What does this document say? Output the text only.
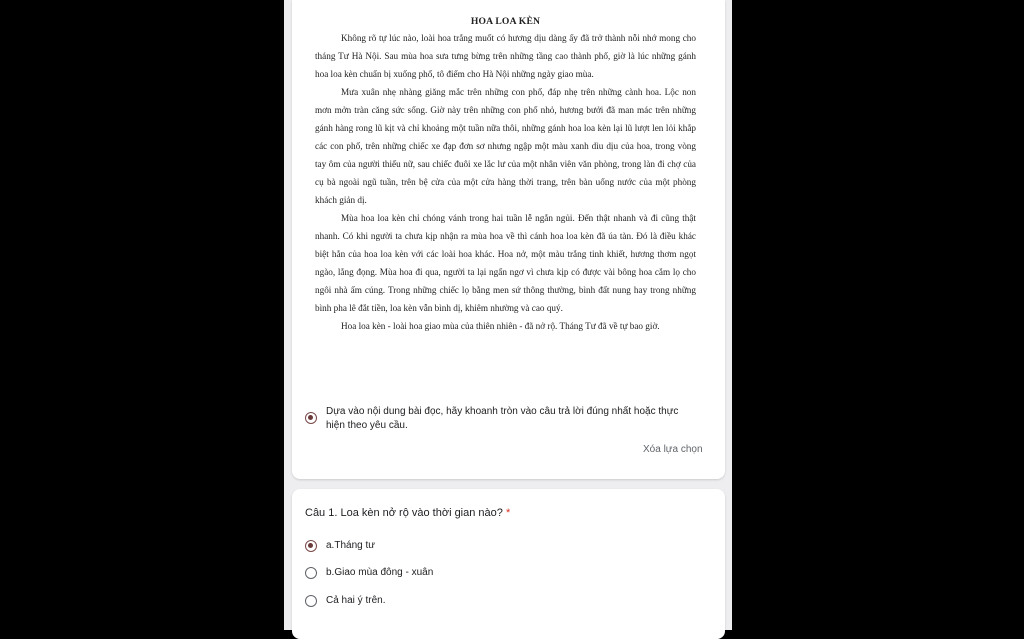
HOA LOA KÈN

Không rõ tự lúc nào, loài hoa trắng muốt có hương dịu dàng ấy đã trở thành nỗi nhớ mong cho tháng Tư Hà Nội. Sau mùa hoa sưa tưng bừng trên những tầng cao thành phố, giờ là lúc những gánh hoa loa kèn chuẩn bị xuống phố, tô điểm cho Hà Nội những ngày giao mùa.

Mưa xuân nhẹ nhàng giăng mắc trên những con phố, đáp nhẹ trên những cành hoa. Lộc non mơn mởn tràn căng sức sống. Giờ này trên những con phố nhỏ, hương bưởi đã man mác trên những gánh hàng rong lũ kịt và chỉ khoảng một tuần nữa thôi, những gánh hoa loa kèn lại lũ lượt len lỏi khắp các con phố, trên những chiếc xe đạp đơn sơ nhưng ngập một màu xanh dìu dịu của hoa, trong vòng tay ôm của người thiếu nữ, sau chiếc đuôi xe lắc lư của một nhân viên văn phòng, trong làn đi chợ của cụ bà ngoài ngũ tuần, trên bệ cửa của một cửa hàng thời trang, trên bàn uống nước của một phòng khách giản dị.

Mùa hoa loa kèn chỉ chóng vánh trong hai tuần lễ ngắn ngủi. Đến thật nhanh và đi cũng thật nhanh. Có khi người ta chưa kịp nhận ra mùa hoa về thì cánh hoa loa kèn đã úa tàn. Đó là điều khác biệt hẳn của hoa loa kèn với các loài hoa khác. Hoa nở, một màu trắng tinh khiết, hương thơm ngọt ngào, lắng đọng. Mùa hoa đi qua, người ta lại ngẩn ngơ vì chưa kịp có được vài bông hoa cắm lọ cho ngôi nhà ấm cúng. Trong những chiếc lọ bằng men sứ thông thường, bình đất nung hay trong những bình pha lê đắt tiền, loa kèn vẫn bình dị, khiêm nhường và cao quý.

Hoa loa kèn - loài hoa giao mùa của thiên nhiên - đã nở rộ. Tháng Tư đã về tự bao giờ.

Dựa vào nội dung bài đọc, hãy khoanh tròn vào câu trả lời đúng nhất hoặc thực hiện theo yêu cầu.
Xóa lựa chọn
Câu 1. Loa kèn nở rộ vào thời gian nào? *
a.Tháng tư
b.Giao mùa đông - xuân
Cả hai ý trên.
